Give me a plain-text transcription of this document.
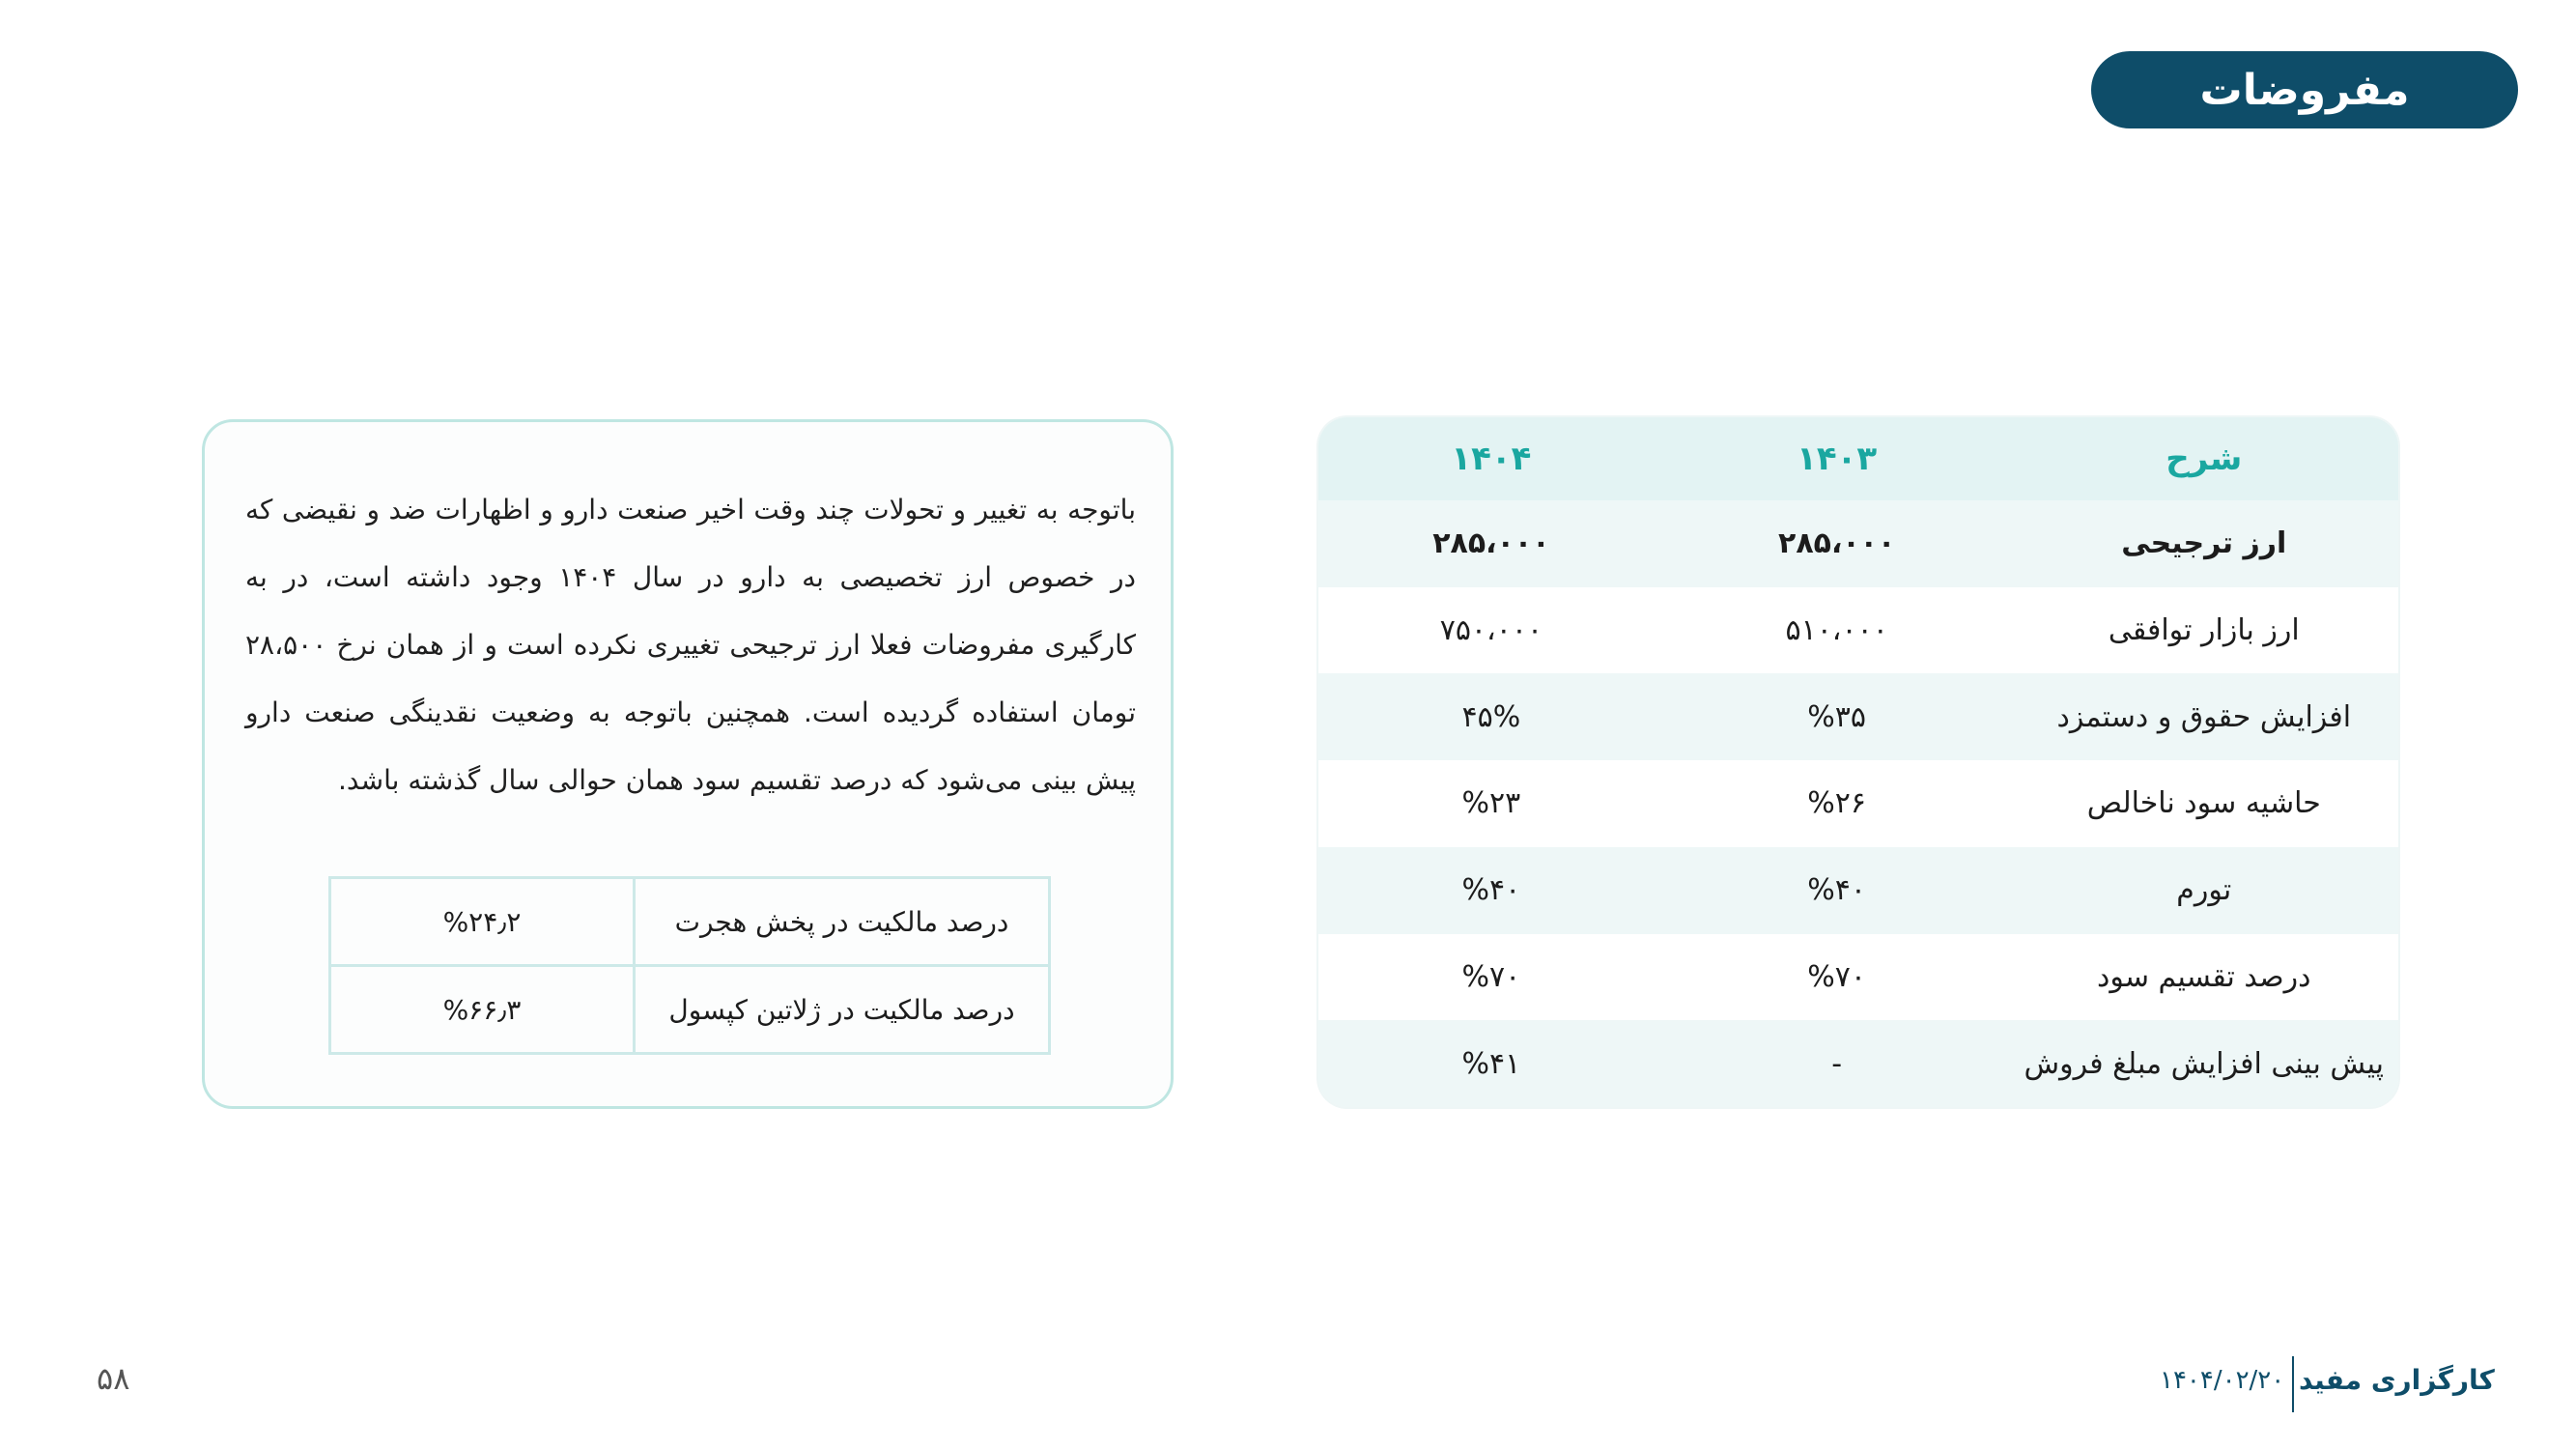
مفروضات
شرح	۱۴۰۳	۱۴۰۴
ارز ترجیحی	۲۸۵،۰۰۰	۲۸۵،۰۰۰
ارز بازار توافقی	۵۱۰،۰۰۰	۷۵۰،۰۰۰
افزایش حقوق و دستمزد	%۳۵	۴۵%
حاشیه سود ناخالص	%۲۶	%۲۳
تورم	%۴۰	%۴۰
درصد تقسیم سود	%۷۰	%۷۰
پیش بینی افزایش مبلغ فروش	-	%۴۱
باتوجه به تغییر و تحولات چند وقت اخیر صنعت دارو و اظهارات ضد و نقیضی که در خصوص ارز تخصیصی به دارو در سال ۱۴۰۴ وجود داشته است، در به کارگیری مفروضات فعلا ارز ترجیحی تغییری نکرده است و از همان نرخ ۲۸،۵۰۰ تومان استفاده گردیده است. همچنین باتوجه به وضعیت نقدینگی صنعت دارو پیش بینی می‌شود که درصد تقسیم سود همان حوالی سال گذشته باشد.
درصد مالکیت در پخش هجرت	%۲۴٫۲
درصد مالکیت در ژلاتین کپسول	%۶۶٫۳
۵۸	۱۴۰۴/۰۲/۲۰ کارگزاری مفید
